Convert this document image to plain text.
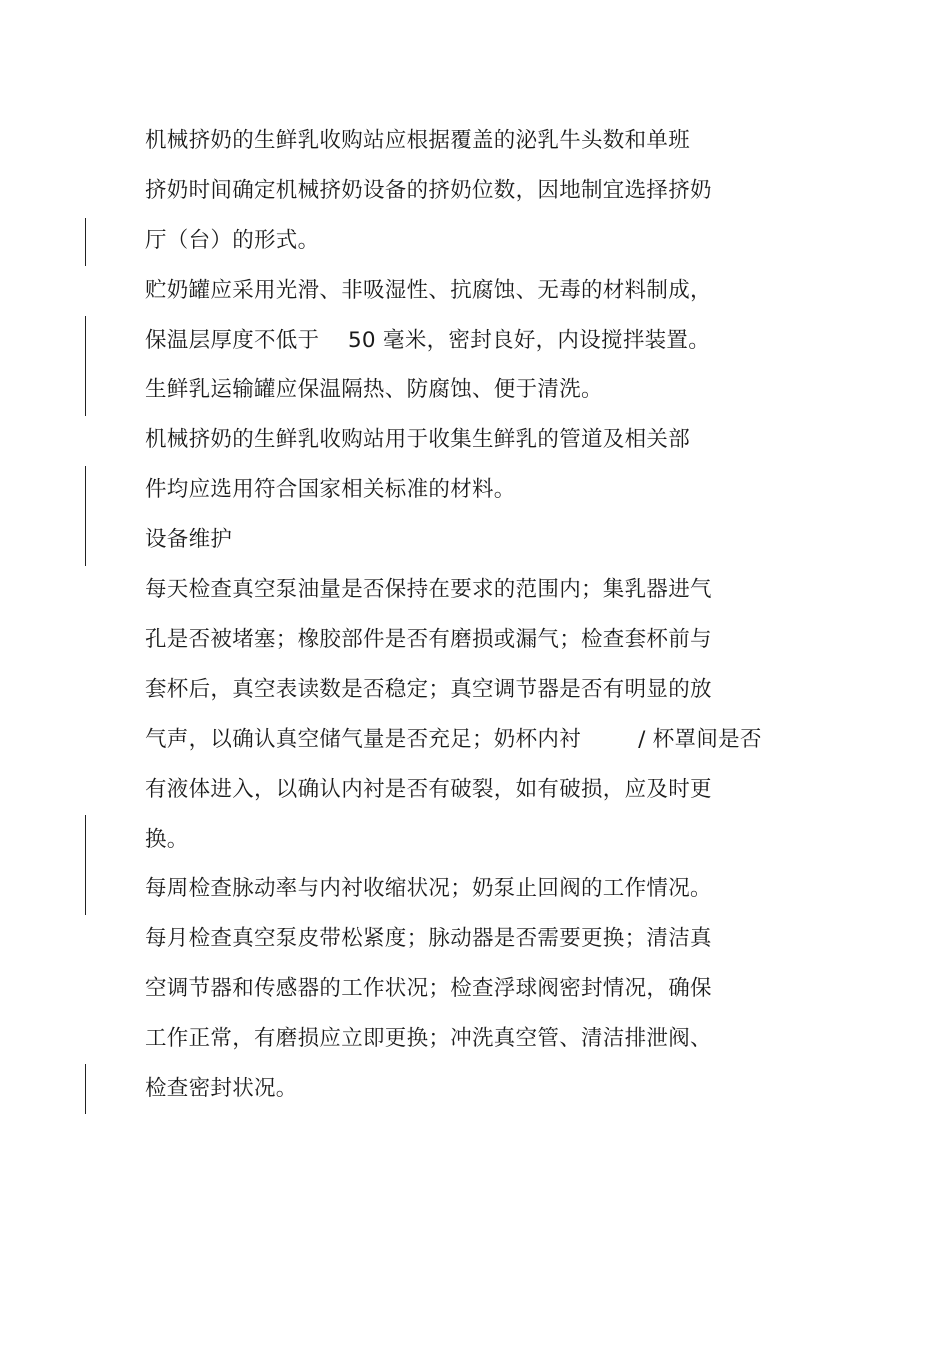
机械挤奶的生鲜乳收购站应根据覆盖的泌乳牛头数和单班
挤奶时间确定机械挤奶设备的挤奶位数，因地制宜选择挤奶
厅（台）的形式。
贮奶罐应采用光滑、非吸湿性、抗腐蚀、无毒的材料制成，
保温层厚度不低于    50 毫米，密封良好，内设搅拌装置。
生鲜乳运输罐应保温隔热、防腐蚀、便于清洗。
机械挤奶的生鲜乳收购站用于收集生鲜乳的管道及相关部
件均应选用符合国家相关标准的材料。
设备维护
每天检查真空泵油量是否保持在要求的范围内；集乳器进气
孔是否被堵塞；橡胶部件是否有磨损或漏气；检查套杯前与
套杯后，真空表读数是否稳定；真空调节器是否有明显的放
气声，以确认真空储气量是否充足；奶杯内衬        / 杯罩间是否
有液体进入，以确认内衬是否有破裂，如有破损，应及时更
换。
每周检查脉动率与内衬收缩状况；奶泵止回阀的工作情况。
每月检查真空泵皮带松紧度；脉动器是否需要更换；清洁真
空调节器和传感器的工作状况；检查浮球阀密封情况，确保
工作正常，有磨损应立即更换；冲洗真空管、清洁排泄阀、
检查密封状况。
